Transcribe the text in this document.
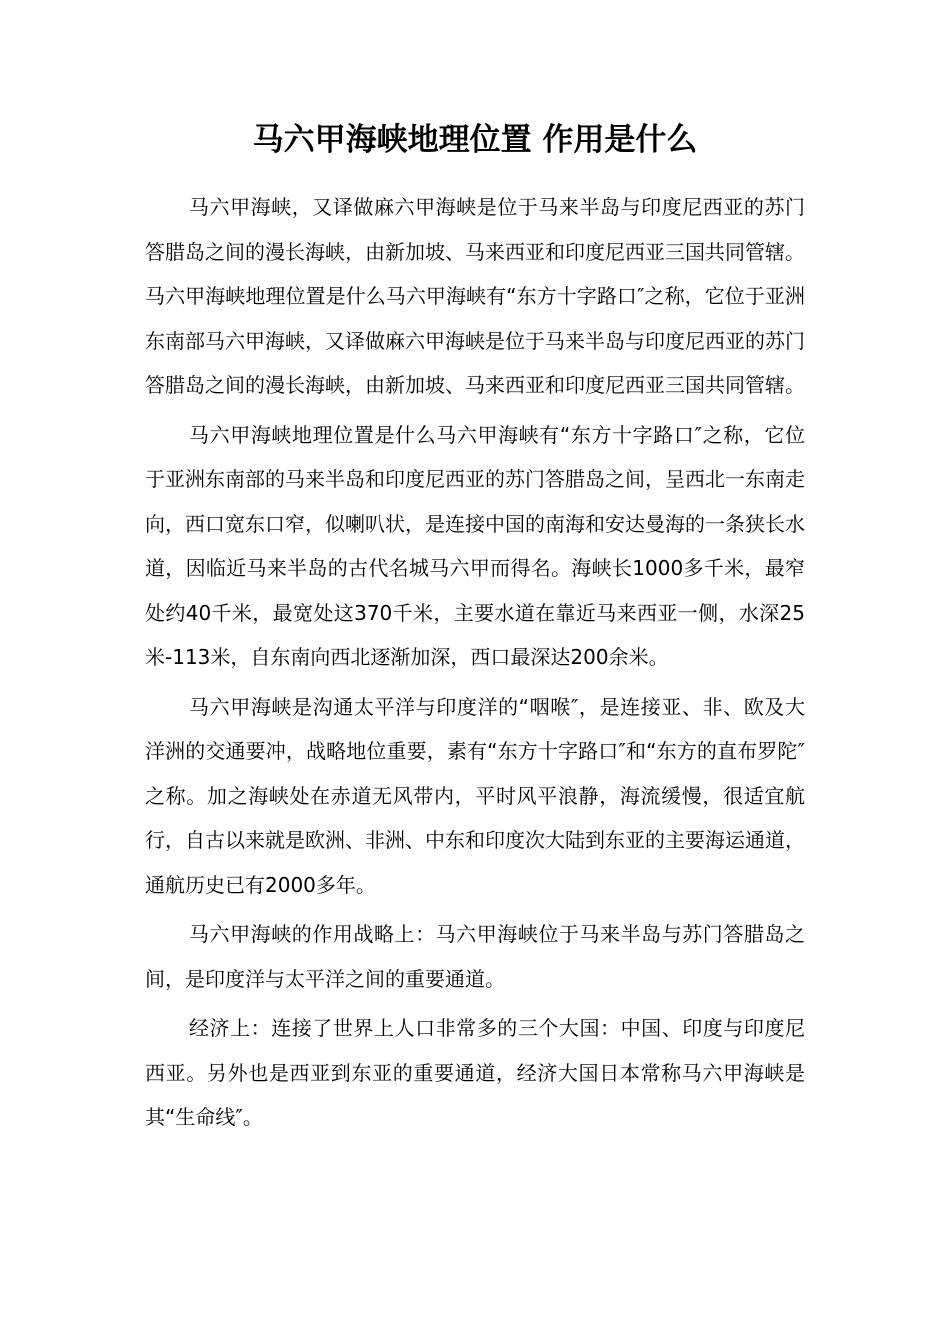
马六甲海峡地理位置 作用是什么

马六甲海峡，又译做麻六甲海峡是位于马来半岛与印度尼西亚的苏门答腊岛之间的漫长海峡，由新加坡、马来西亚和印度尼西亚三国共同管辖。马六甲海峡地理位置是什么马六甲海峡有“东方十字路口″之称，它位于亚洲东南部马六甲海峡，又译做麻六甲海峡是位于马来半岛与印度尼西亚的苏门答腊岛之间的漫长海峡，由新加坡、马来西亚和印度尼西亚三国共同管辖。

马六甲海峡地理位置是什么马六甲海峡有“东方十字路口″之称，它位于亚洲东南部的马来半岛和印度尼西亚的苏门答腊岛之间，呈西北一东南走向，西口宽东口窄，似喇叭状，是连接中国的南海和安达曼海的一条狭长水道，因临近马来半岛的古代名城马六甲而得名。海峡长1000多千米，最窄处约40千米，最宽处这370千米，主要水道在靠近马来西亚一侧，水深25米-113米，自东南向西北逐渐加深，西口最深达200余米。

马六甲海峡是沟通太平洋与印度洋的“咽喉″，是连接亚、非、欧及大洋洲的交通要冲，战略地位重要，素有“东方十字路口″和“东方的直布罗陀″之称。加之海峡处在赤道无风带内，平时风平浪静，海流缓慢，很适宜航行，自古以来就是欧洲、非洲、中东和印度次大陆到东亚的主要海运通道，通航历史已有2000多年。

马六甲海峡的作用战略上：马六甲海峡位于马来半岛与苏门答腊岛之间，是印度洋与太平洋之间的重要通道。

经济上：连接了世界上人口非常多的三个大国：中国、印度与印度尼西亚。另外也是西亚到东亚的重要通道，经济大国日本常称马六甲海峡是其“生命线″。
